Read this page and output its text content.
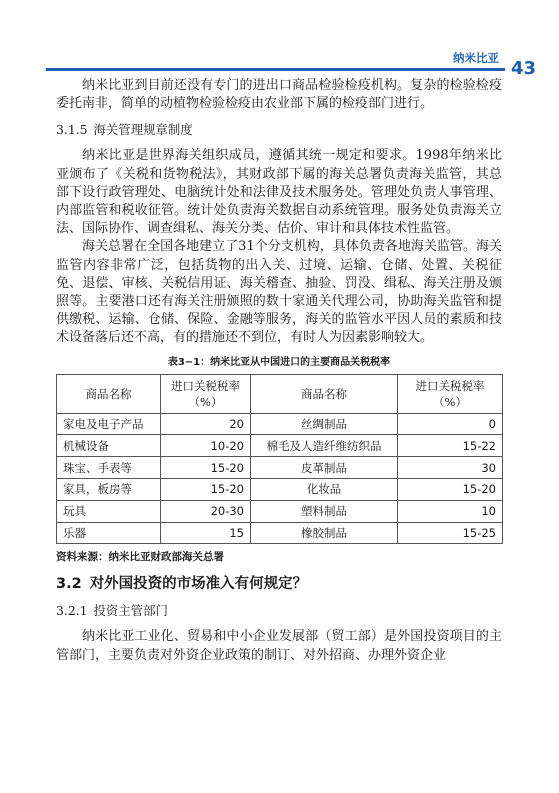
纳米比亚 43

纳米比亚到目前还没有专门的进出口商品检验检疫机构。复杂的检验检疫委托南非，简单的动植物检验检疫由农业部下属的检疫部门进行。

3.1.5 海关管理规章制度

纳米比亚是世界海关组织成员，遵循其统一规定和要求。1998年纳米比亚颁布了《关税和货物税法》，其财政部下属的海关总署负责海关监管，其总部下设行政管理处、电脑统计处和法律及技术服务处。管理处负责人事管理、内部监管和税收征管。统计处负责海关数据自动系统管理。服务处负责海关立法、国际协作、调查缉私、海关分类、估价、审计和具体技术性监管。

海关总署在全国各地建立了31个分支机构，具体负责各地海关监管。海关监管内容非常广泛，包括货物的出入关、过境、运输、仓储、处置、关税征免、退偿、审核、关税信用证、海关稽查、抽验、罚没、缉私、海关注册及颁照等。主要港口还有海关注册颁照的数十家通关代理公司，协助海关监管和提供缴税、运输、仓储、保险、金融等服务，海关的监管水平因人员的素质和技术设备落后还不高，有的措施还不到位，有时人为因素影响较大。

表3−1：纳米比亚从中国进口的主要商品关税税率
商品名称	进口关税税率（%）	商品名称	进口关税税率（%）
家电及电子产品	20	丝绸制品	0
机械设备	10-20	棉毛及人造纤维纺织品	15-22
珠宝、手表等	15-20	皮革制品	30
家具，板房等	15-20	化妆品	15-20
玩具	20-30	塑料制品	10
乐器	15	橡胶制品	15-25
资料来源：纳米比亚财政部海关总署
3.2 对外国投资的市场准入有何规定？
3.2.1 投资主管部门

纳米比亚工业化、贸易和中小企业发展部（贸工部）是外国投资项目的主管部门，主要负责对外资企业政策的制订、对外招商、办理外资企业
